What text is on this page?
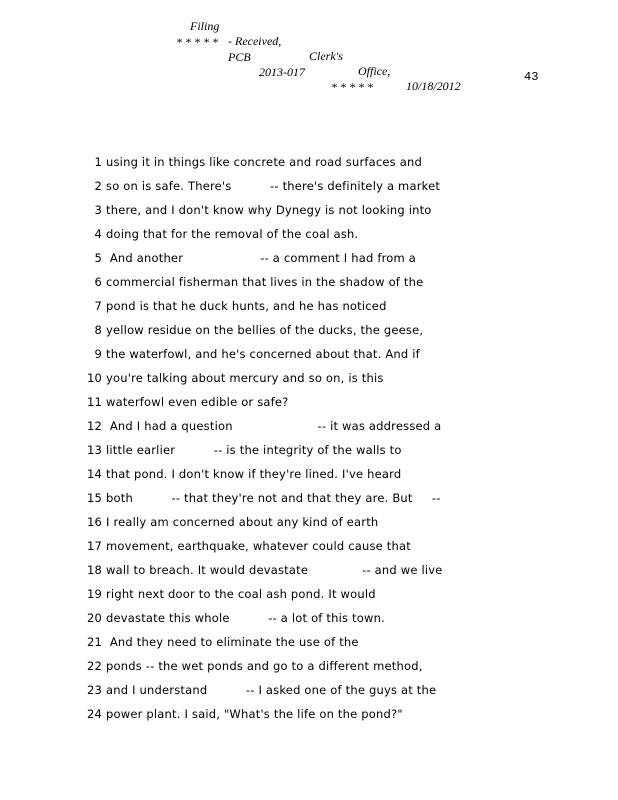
Filing

- Received,

Clerk's

Office,

10/18/2012

* * * * *

PCB

2013-017

* * * * *

43
1 using it in things like concrete and road surfaces and
2 so on is safe. There's          -- there's definitely a market
3 there, and I don't know why Dynegy is not looking into
4 doing that for the removal of the coal ash.
5 And another                    -- a comment I had from a
6 commercial fisherman that lives in the shadow of the
7 pond is that he duck hunts, and he has noticed
8 yellow residue on the bellies of the ducks, the geese,
9 the waterfowl, and he's concerned about that. And if
10 you're talking about mercury and so on, is this
11 waterfowl even edible or safe?
12 And I had a question                      -- it was addressed a
13 little earlier          -- is the integrity of the walls to
14 that pond. I don't know if they're lined. I've heard
15 both          -- that they're not and that they are. But     --
16 I really am concerned about any kind of earth
17 movement, earthquake, whatever could cause that
18 wall to breach. It would devastate              -- and we live
19 right next door to the coal ash pond. It would
20 devastate this whole          -- a lot of this town.
21 And they need to eliminate the use of the
22 ponds -- the wet ponds and go to a different method,
23 and I understand          -- I asked one of the guys at the
24 power plant. I said, "What's the life on the pond?"
